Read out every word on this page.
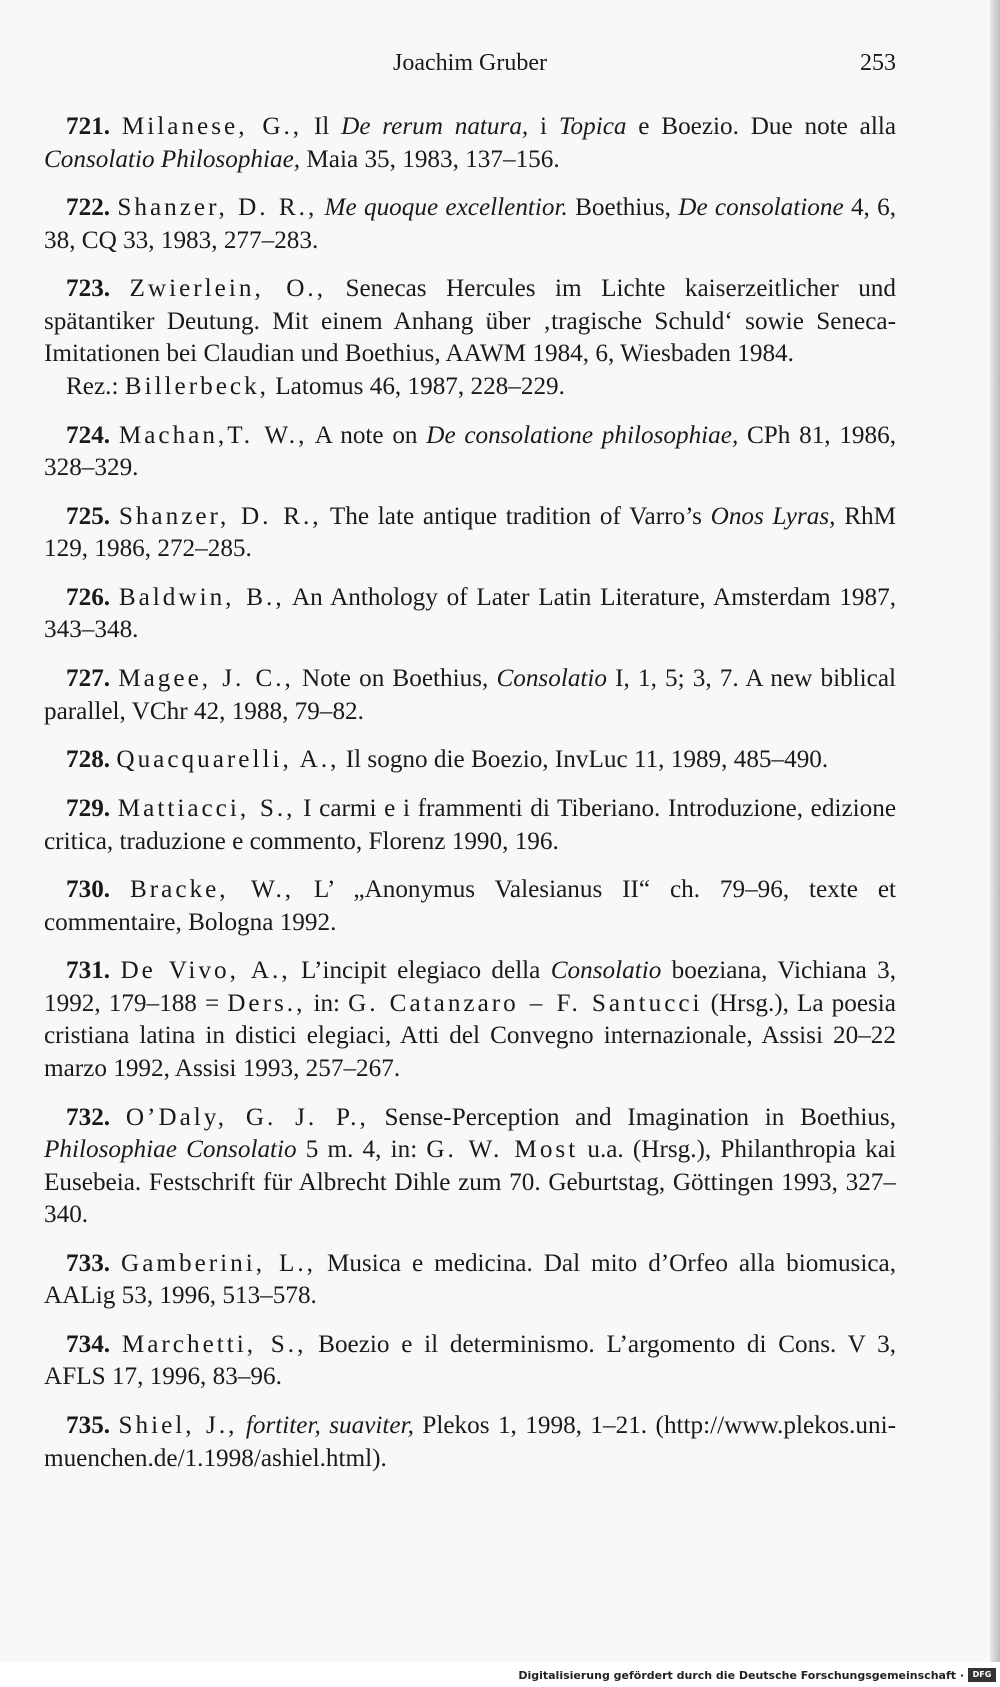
Joachim Gruber	253

721. Milanese, G., Il De rerum natura, i Topica e Boezio. Due note alla Consolatio Philosophiae, Maia 35, 1983, 137–156.

722. Shanzer, D. R., Me quoque excellentior. Boethius, De consolatione 4, 6, 38, CQ 33, 1983, 277–283.

723. Zwierlein, O., Senecas Hercules im Lichte kaiserzeitlicher und spätantiker Deutung. Mit einem Anhang über ‚tragische Schuld‘ sowie Seneca-Imitationen bei Claudian und Boethius, AAWM 1984, 6, Wiesbaden 1984.

Rez.: Billerbeck, Latomus 46, 1987, 228–229.

724. Machan,T. W., A note on De consolatione philosophiae, CPh 81, 1986, 328–329.

725. Shanzer, D. R., The late antique tradition of Varro’s Onos Lyras, RhM 129, 1986, 272–285.

726. Baldwin, B., An Anthology of Later Latin Literature, Amsterdam 1987, 343–348.

727. Magee, J. C., Note on Boethius, Consolatio I, 1, 5; 3, 7. A new biblical parallel, VChr 42, 1988, 79–82.

728. Quacquarelli, A., Il sogno die Boezio, InvLuc 11, 1989, 485–490.

729. Mattiacci, S., I carmi e i frammenti di Tiberiano. Introduzione, edizione critica, traduzione e commento, Florenz 1990, 196.

730. Bracke, W., L’ „Anonymus Valesianus II“ ch. 79–96, texte et commentaire, Bologna 1992.

731. De Vivo, A., L’incipit elegiaco della Consolatio boeziana, Vichiana 3, 1992, 179–188 = Ders., in: G. Catanzaro – F. Santucci (Hrsg.), La poesia cristiana latina in distici elegiaci, Atti del Convegno internazionale, Assisi 20–22 marzo 1992, Assisi 1993, 257–267.

732. O’Daly, G. J. P., Sense-Perception and Imagination in Boethius, Philosophiae Consolatio 5 m. 4, in: G. W. Most u.a. (Hrsg.), Philanthropia kai Eusebeia. Festschrift für Albrecht Dihle zum 70. Geburtstag, Göttingen 1993, 327–340.

733. Gamberini, L., Musica e medicina. Dal mito d’Orfeo alla biomusica, AALig 53, 1996, 513–578.

734. Marchetti, S., Boezio e il determinismo. L’argomento di Cons. V 3, AFLS 17, 1996, 83–96.

735. Shiel, J., fortiter, suaviter, Plekos 1, 1998, 1–21. (http://www.plekos.uni-muenchen.de/1.1998/ashiel.html).

Digitalisierung gefördert durch die Deutsche Forschungsgemeinschaft ·	DFG
